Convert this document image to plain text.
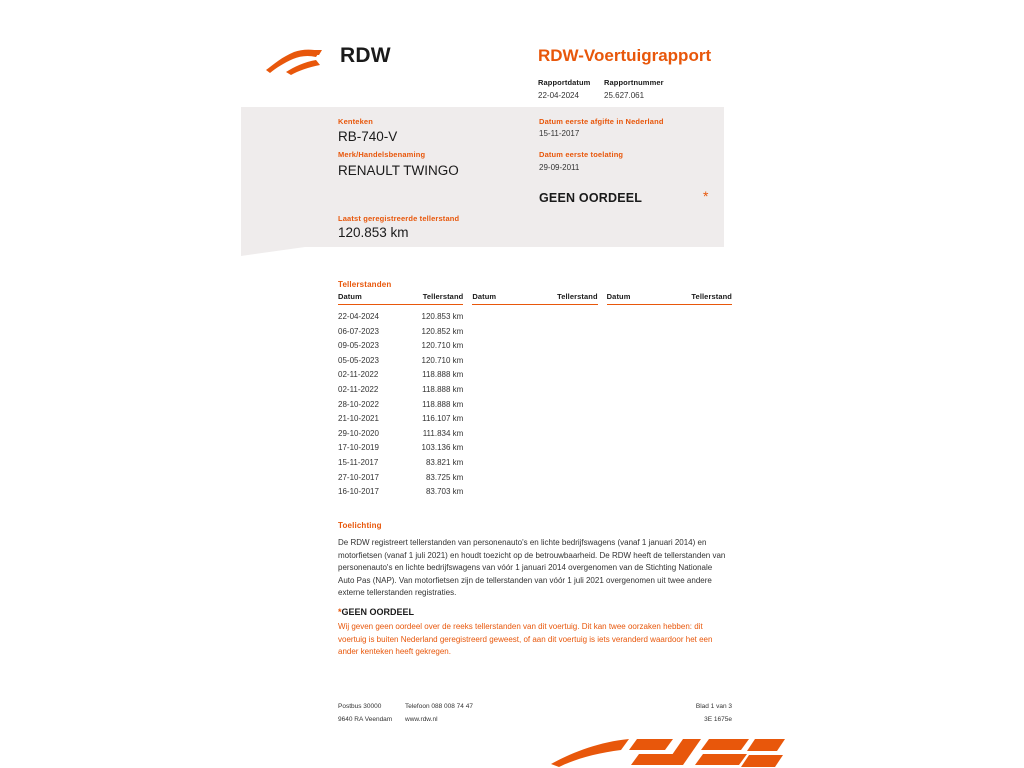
RDW	RDW-Voertuigrapport
Rapportdatum
22-04-2024
Rapportnummer
25.627.061
Kenteken
RB-740-V
Merk/Handelsbenaming
RENAULT TWINGO
Laatst geregistreerde tellerstand
120.853 km
Datum eerste afgifte in Nederland
15-11-2017
Datum eerste toelating
29-09-2011
GEEN OORDEEL	*
Tellerstanden
Datum	Tellerstand Datum	Tellerstand Datum	Tellerstand
22-04-2024	120.853 km
06-07-2023	120.852 km
09-05-2023	120.710 km
05-05-2023	120.710 km
02-11-2022	118.888 km
02-11-2022	118.888 km
28-10-2022	118.888 km
21-10-2021	116.107 km
29-10-2020	111.834 km
17-10-2019	103.136 km
15-11-2017	83.821 km
27-10-2017	83.725 km
16-10-2017	83.703 km
Toelichting
De RDW registreert tellerstanden van personenauto's en lichte bedrijfswagens (vanaf 1 januari 2014) en motorfietsen (vanaf 1 juli 2021) en houdt toezicht op de betrouwbaarheid. De RDW heeft de tellerstanden van personenauto's en lichte bedrijfswagens van vóór 1 januari 2014 overgenomen van de Stichting Nationale Auto Pas (NAP). Van motorfietsen zijn de tellerstanden van vóór 1 juli 2021 overgenomen uit twee andere externe tellerstanden registraties.
*GEEN OORDEEL
Wij geven geen oordeel over de reeks tellerstanden van dit voertuig. Dit kan twee oorzaken hebben: dit voertuig is buiten Nederland geregistreerd geweest, of aan dit voertuig is iets veranderd waardoor het een ander kenteken heeft gekregen.
Postbus 30000	Telefoon 088 008 74 47	Blad 1 van 3
9640 RA Veendam www.rdw.nl	3E 1675e
